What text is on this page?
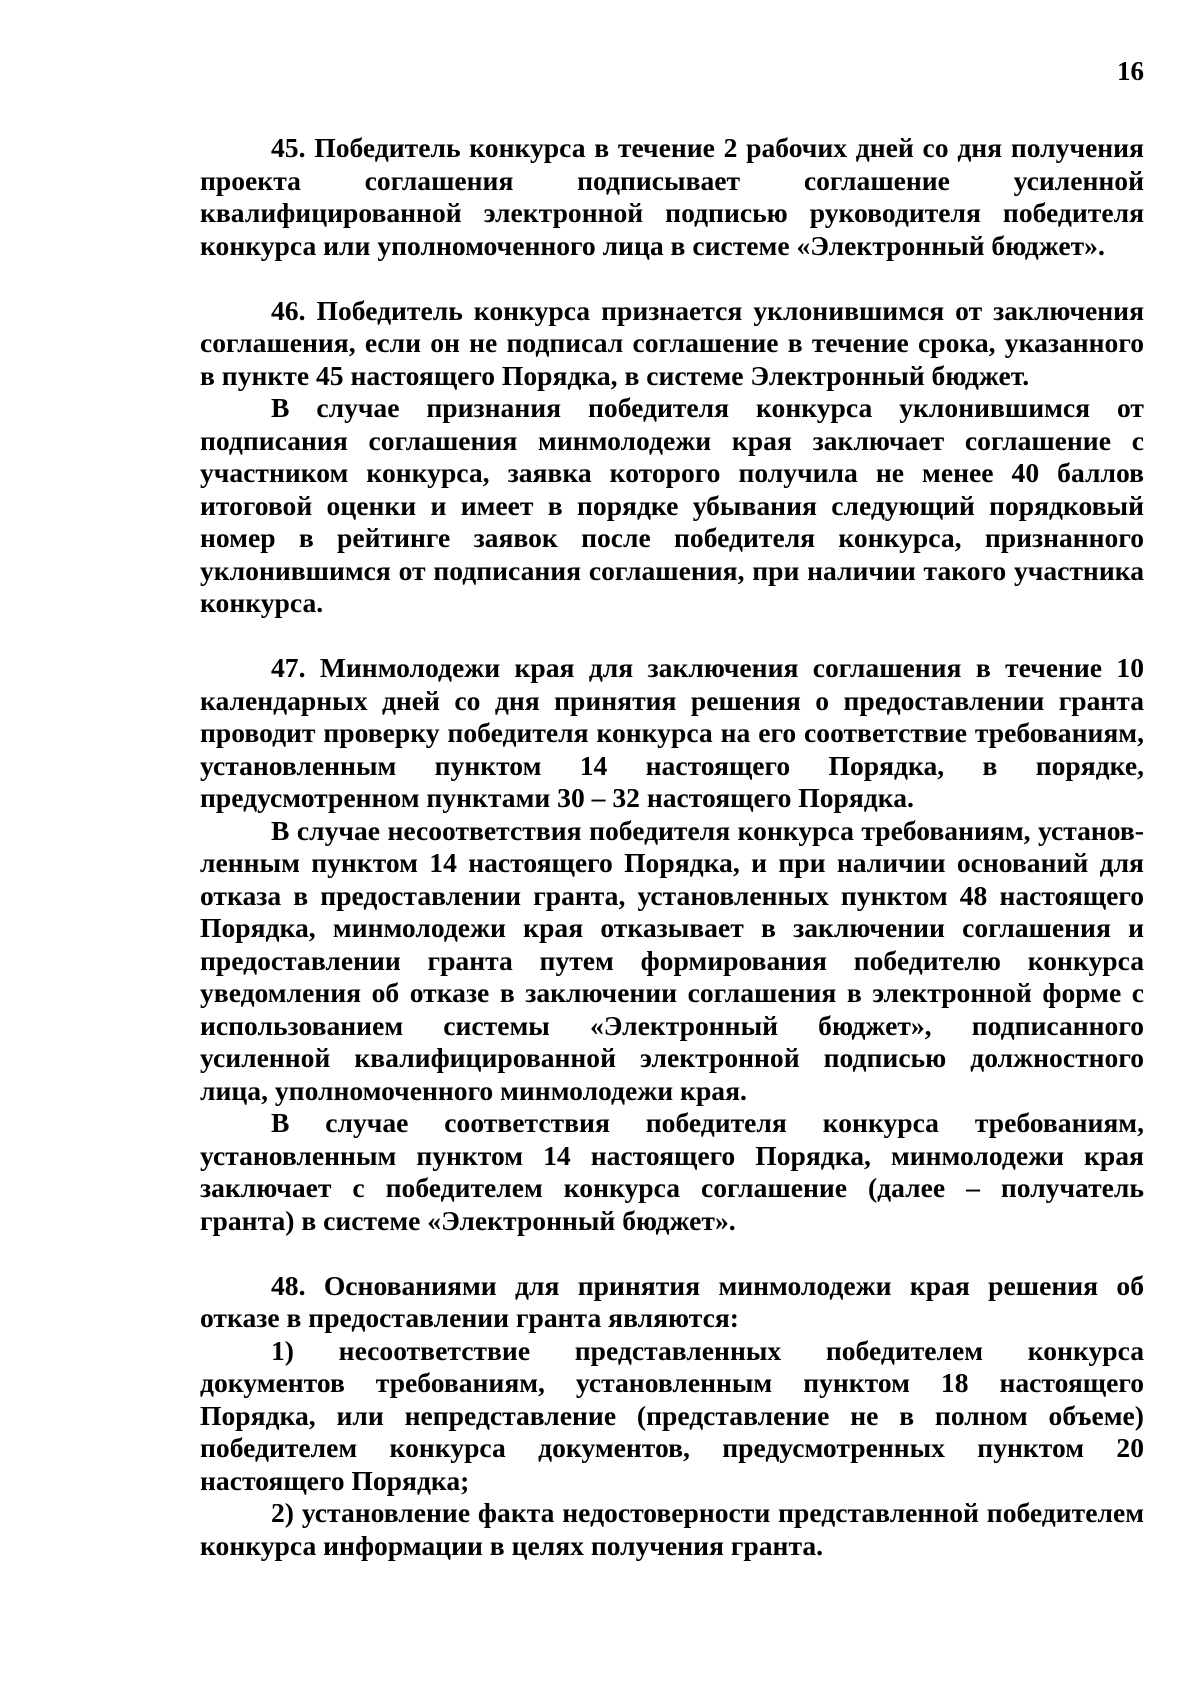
16

45. Победитель конкурса в течение 2 рабочих дней со дня получения проекта соглашения подписывает соглашение усиленной квалифицированной электронной подписью руководителя победителя конкурса или уполномоченного лица в системе «Электронный бюджет».

46. Победитель конкурса признается уклонившимся от заключения соглашения, если он не подписал соглашение в течение срока, указанного в пункте 45 настоящего Порядка, в системе Электронный бюджет.

В случае признания победителя конкурса уклонившимся от подписания соглашения минмолодежи края заключает соглашение с участником конкурса, заявка которого получила не менее 40 баллов итоговой оценки и имеет в порядке убывания следующий порядковый номер в рейтинге заявок после победителя конкурса, признанного уклонившимся от подписания соглашения, при наличии такого участника конкурса.

47. Минмолодежи края для заключения соглашения в течение 10 календарных дней со дня принятия решения о предоставлении гранта проводит проверку победителя конкурса на его соответствие требованиям, установленным пунктом 14 настоящего Порядка, в порядке, предусмотренном пунктами 30 – 32 настоящего Порядка.

В случае несоответствия победителя конкурса требованиям, установленным пунктом 14 настоящего Порядка, и при наличии оснований для отказа в предоставлении гранта, установленных пунктом 48 настоящего Порядка, минмолодежи края отказывает в заключении соглашения и предоставлении гранта путем формирования победителю конкурса уведомления об отказе в заключении соглашения в электронной форме с использованием системы «Электронный бюджет», подписанного усиленной квалифицированной электронной подписью должностного лица, уполномоченного минмолодежи края.

В случае соответствия победителя конкурса требованиям, установленным пунктом 14 настоящего Порядка, минмолодежи края заключает с победителем конкурса соглашение (далее – получатель гранта) в системе «Электронный бюджет».

48. Основаниями для принятия минмолодежи края решения об отказе в предоставлении гранта являются:

1) несоответствие представленных победителем конкурса документов требованиям, установленным пунктом 18 настоящего Порядка, или непредставление (представление не в полном объеме) победителем конкурса документов, предусмотренных пунктом 20 настоящего Порядка;

2) установление факта недостоверности представленной победителем конкурса информации в целях получения гранта.
